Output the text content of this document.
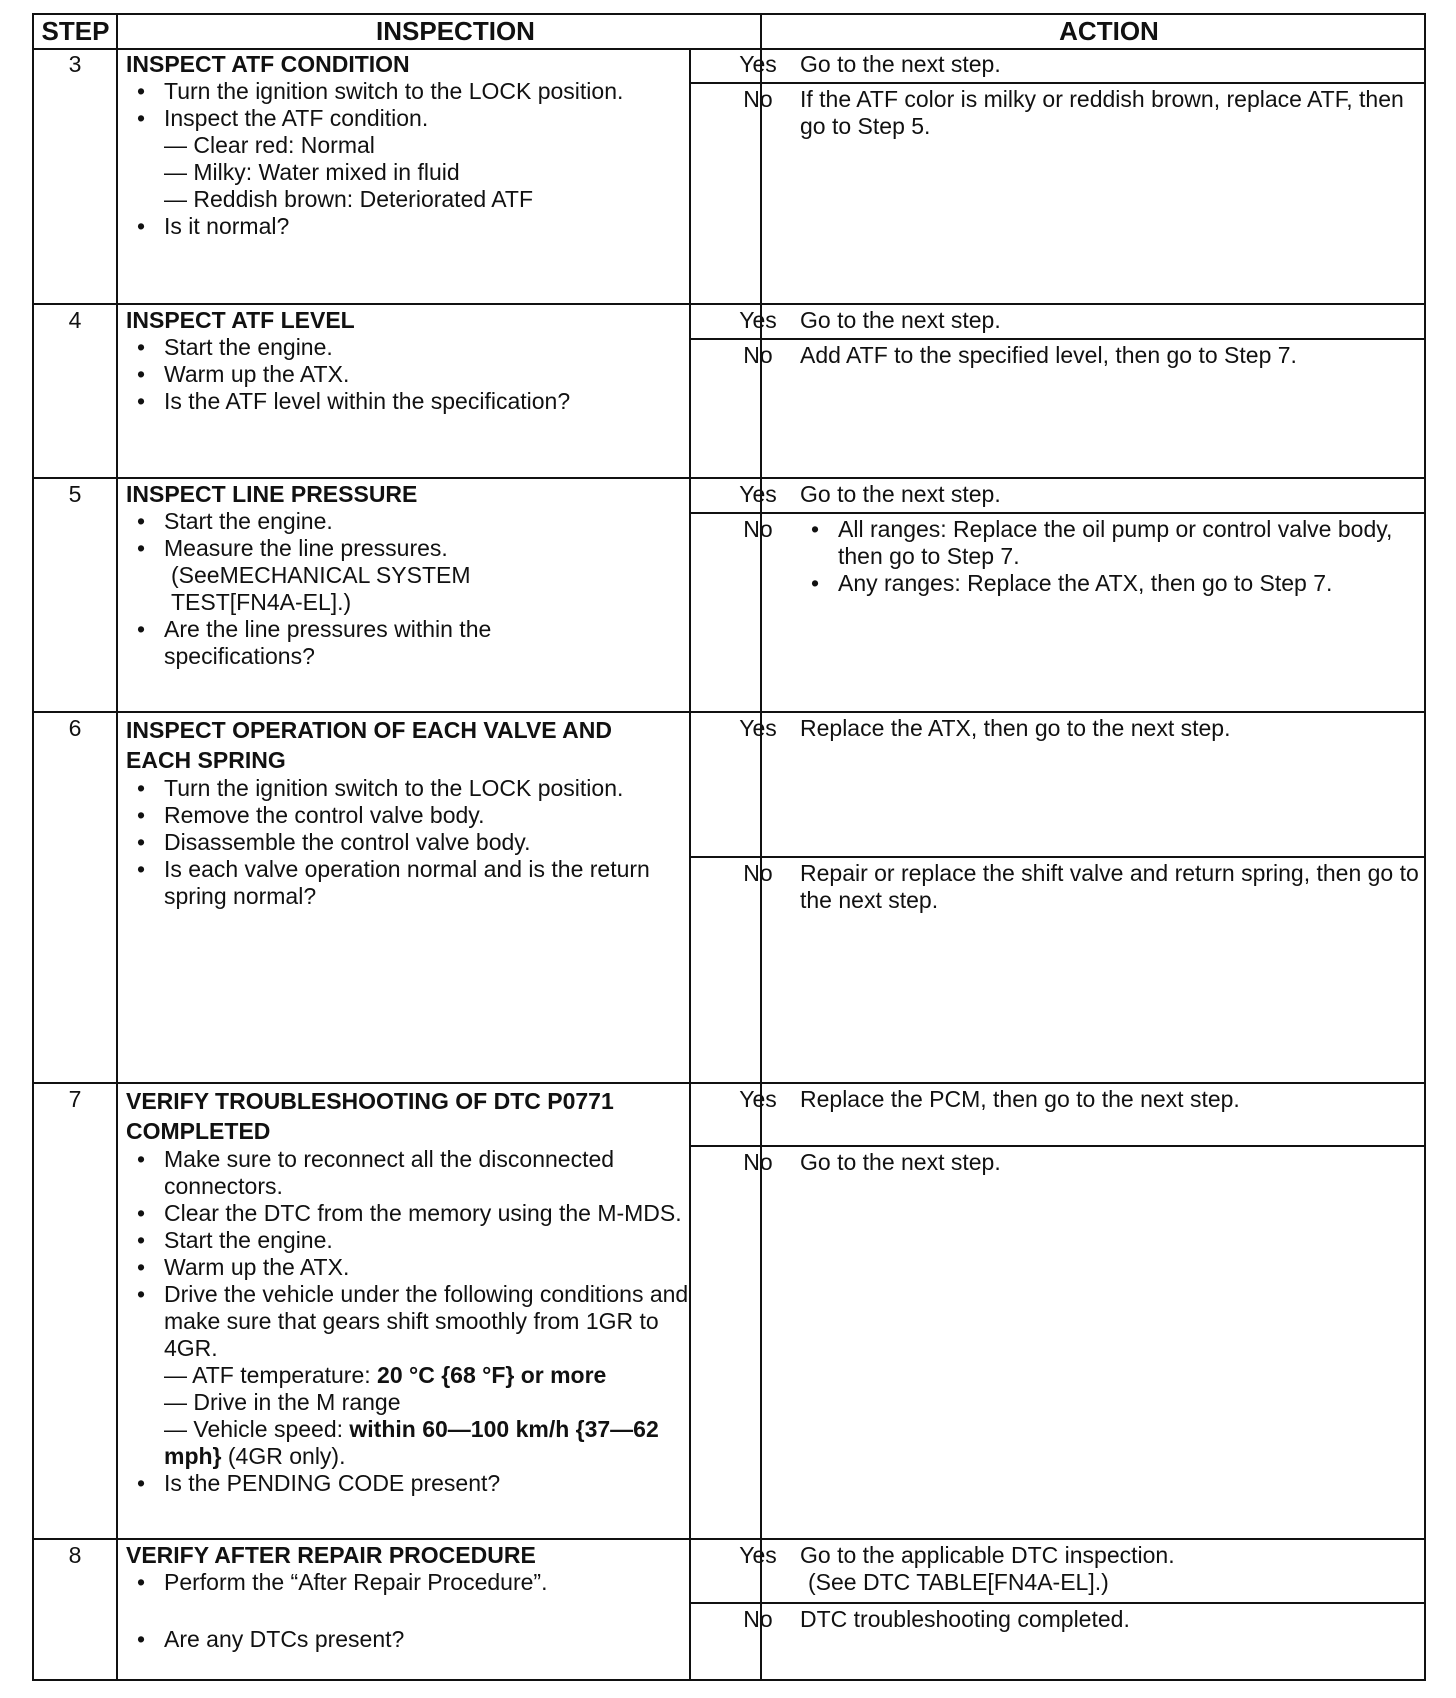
STEP	INSPECTION	ACTION
3	INSPECT ATF CONDITION
• Turn the ignition switch to the LOCK position.
• Inspect the ATF condition.
— Clear red: Normal
— Milky: Water mixed in fluid
— Reddish brown: Deteriorated ATF
• Is it normal?
Yes	Go to the next step.
No	If the ATF color is milky or reddish brown, replace ATF, then go to Step 5.
4	INSPECT ATF LEVEL
• Start the engine.
• Warm up the ATX.
• Is the ATF level within the specification?
Yes	Go to the next step.
No	Add ATF to the specified level, then go to Step 7.
5	INSPECT LINE PRESSURE
• Start the engine.
• Measure the line pressures.
(SeeMECHANICAL SYSTEM TEST[FN4A-EL].)
• Are the line pressures within the specifications?
Yes	Go to the next step.
No
•	All ranges: Replace the oil pump or control valve body, then go to Step 7.
• Any ranges: Replace the ATX, then go to Step 7.
6	INSPECT OPERATION OF EACH VALVE AND EACH SPRING
• Turn the ignition switch to the LOCK position.
• Remove the control valve body.
• Disassemble the control valve body.
• Is each valve operation normal and is the return spring normal?
Yes	Replace the ATX, then go to the next step.
No	Repair or replace the shift valve and return spring, then go to the next step.
7	VERIFY TROUBLESHOOTING OF DTC P0771 COMPLETED
• Make sure to reconnect all the disconnected connectors.
• Clear the DTC from the memory using the M-MDS.
• Start the engine.
• Warm up the ATX.
• Drive the vehicle under the following conditions and make sure that gears shift smoothly from 1GR to 4GR.
— ATF temperature: 20 °C {68 °F} or more
— Drive in the M range
— Vehicle speed: within 60—100 km/h {37—62 mph} (4GR only).
• Is the PENDING CODE present?
Yes	Replace the PCM, then go to the next step.
No	Go to the next step.
8	VERIFY AFTER REPAIR PROCEDURE
• Perform the “After Repair Procedure”.
• Are any DTCs present?
Yes	Go to the applicable DTC inspection.
(See DTC TABLE[FN4A-EL].)
No	DTC troubleshooting completed.
